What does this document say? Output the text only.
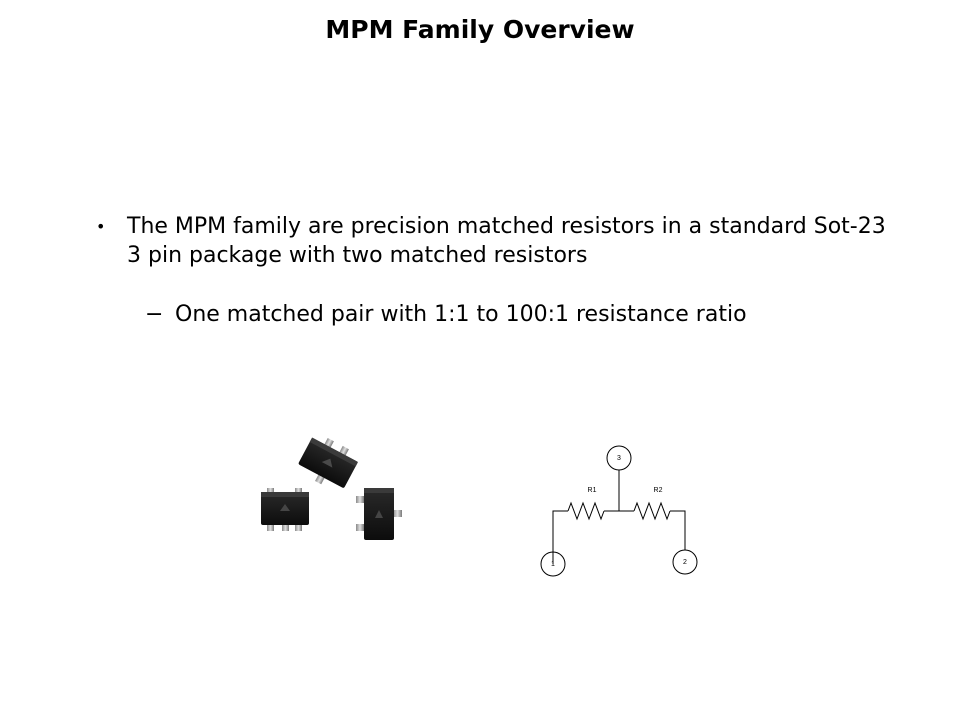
MPM Family Overview
• The MPM family are precision matched resistors in a standard Sot-23 3 pin package with two matched resistors
− One matched pair with 1:1 to 100:1 resistance ratio
R1	R2
3
1	2
